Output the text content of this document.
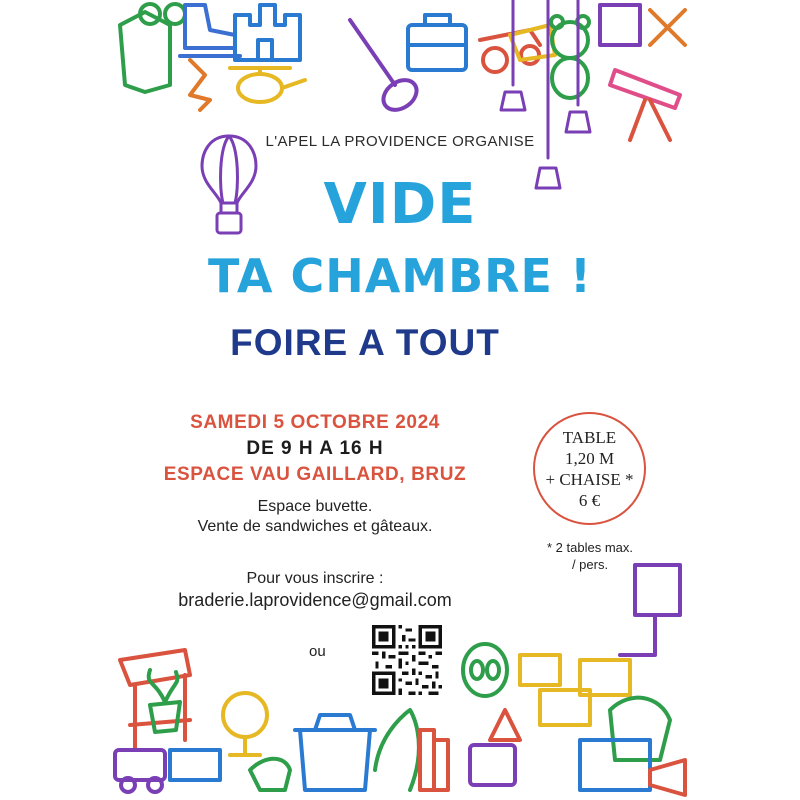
L'APEL LA PROVIDENCE ORGANISE
VIDE
TA CHAMBRE !
FOIRE A TOUT
SAMEDI 5 OCTOBRE 2024
DE 9 H A 16 H
ESPACE VAU GAILLARD, BRUZ
Espace buvette.
Vente de sandwiches et gâteaux.
Pour vous inscrire :
braderie.laprovidence@gmail.com
TABLE
1,20 M
+ CHAISE *
6 €
* 2 tables max.
/ pers.
ou
